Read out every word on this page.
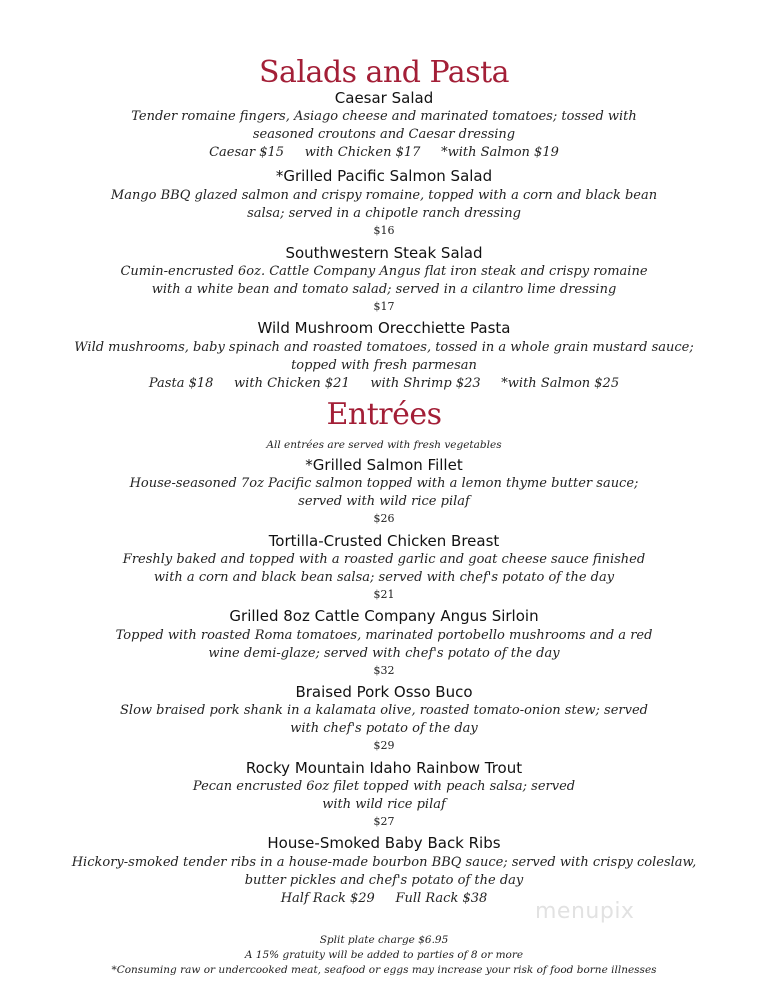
Salads and Pasta
Caesar Salad
Tender romaine fingers, Asiago cheese and marinated tomatoes; tossed with
seasoned croutons and Caesar dressing
Caesar $15     with Chicken $17     *with Salmon $19
*Grilled Pacific Salmon Salad
Mango BBQ glazed salmon and crispy romaine, topped with a corn and black bean
salsa; served in a chipotle ranch dressing
$16
Southwestern Steak Salad
Cumin-encrusted 6oz. Cattle Company Angus flat iron steak and crispy romaine
with a white bean and tomato salad; served in a cilantro lime dressing
$17
Wild Mushroom Orecchiette Pasta
Wild mushrooms, baby spinach and roasted tomatoes, tossed in a whole grain mustard sauce;
topped with fresh parmesan
Pasta $18     with Chicken $21     with Shrimp $23     *with Salmon $25
Entrées
All entrées are served with fresh vegetables
*Grilled Salmon Fillet
House-seasoned 7oz Pacific salmon topped with a lemon thyme butter sauce;
served with wild rice pilaf
$26
Tortilla-Crusted Chicken Breast
Freshly baked and topped with a roasted garlic and goat cheese sauce finished
with a corn and black bean salsa; served with chef's potato of the day
$21
Grilled 8oz Cattle Company Angus Sirloin
Topped with roasted Roma tomatoes, marinated portobello mushrooms and a red
wine demi-glaze; served with chef's potato of the day
$32
Braised Pork Osso Buco
Slow braised pork shank in a kalamata olive, roasted tomato-onion stew; served
with chef's potato of the day
$29
Rocky Mountain Idaho Rainbow Trout
Pecan encrusted 6oz filet topped with peach salsa; served
with wild rice pilaf
$27
House-Smoked Baby Back Ribs
Hickory-smoked tender ribs in a house-made bourbon BBQ sauce; served with crispy coleslaw,
butter pickles and chef's potato of the day
Half Rack $29     Full Rack $38
Split plate charge $6.95
A 15% gratuity will be added to parties of 8 or more
*Consuming raw or undercooked meat, seafood or eggs may increase your risk of food borne illnesses
menupix
